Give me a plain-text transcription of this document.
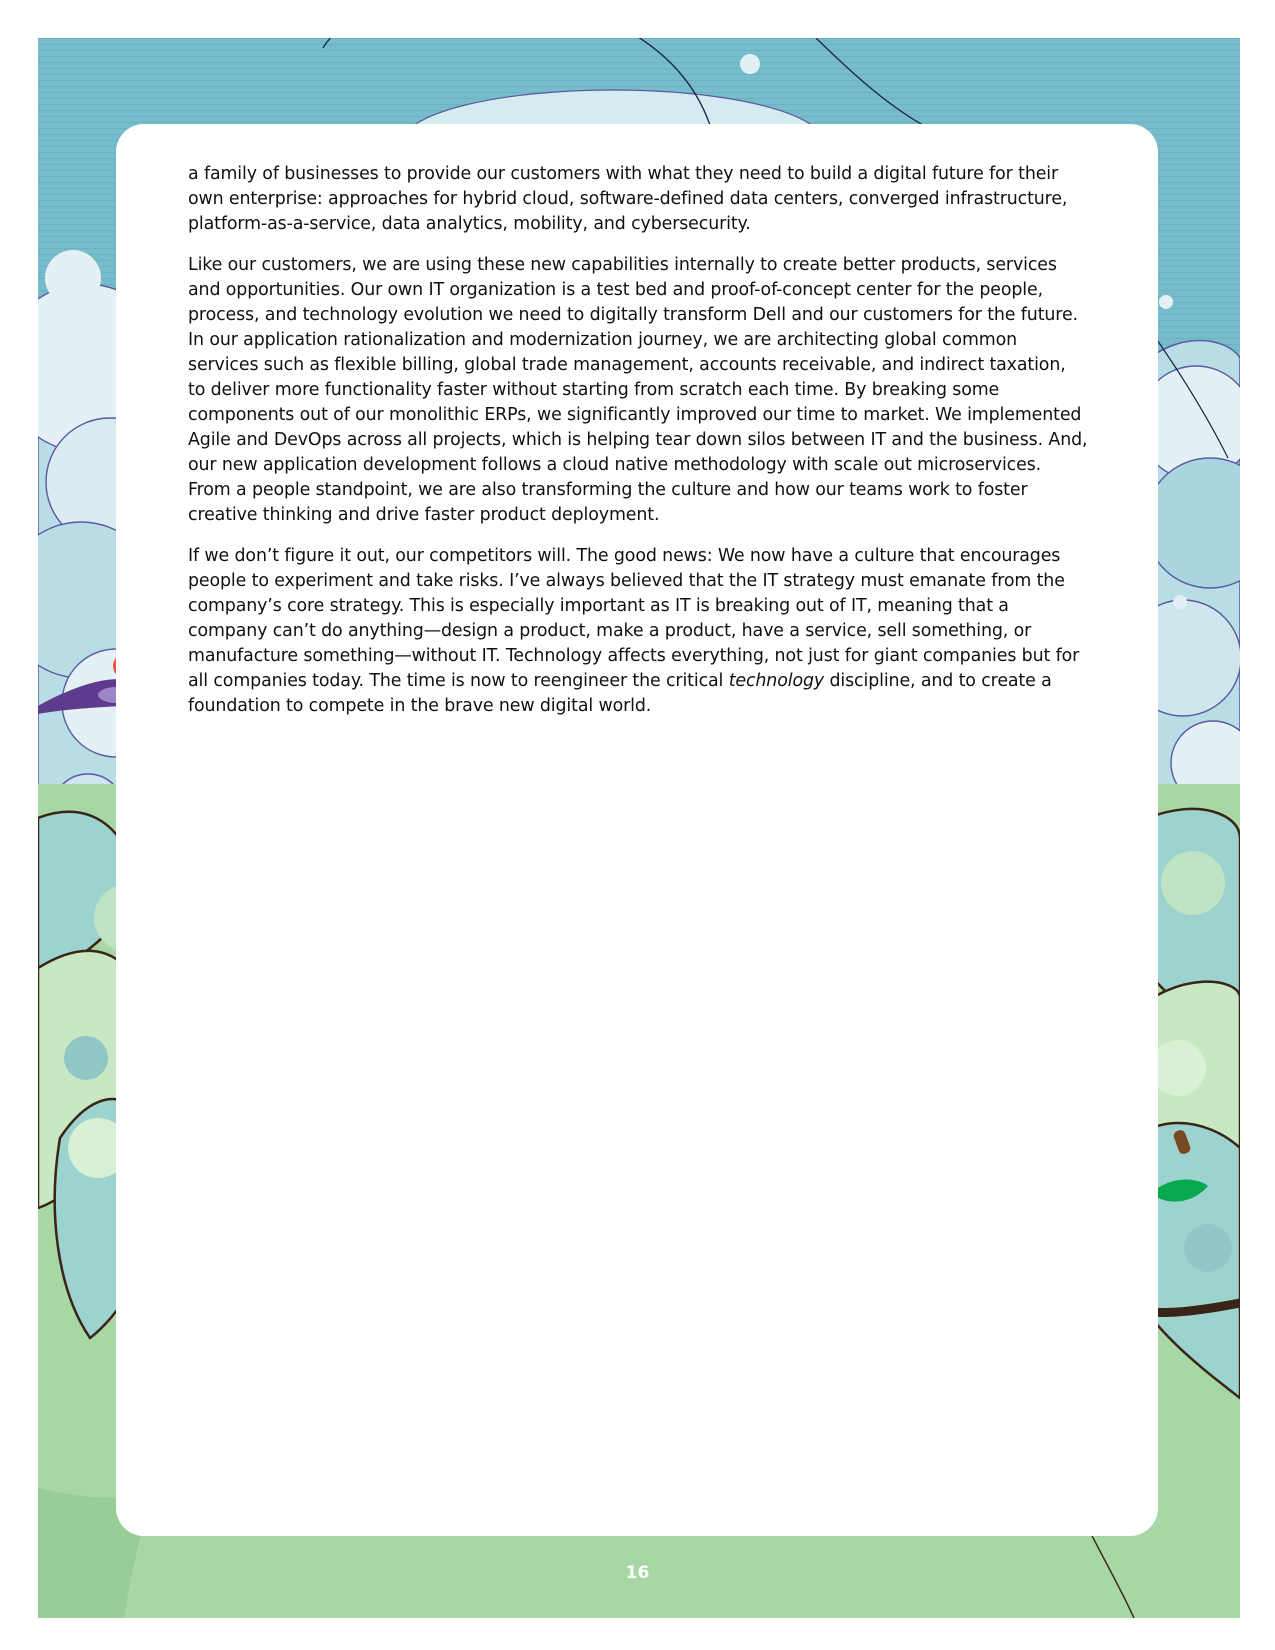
a family of businesses to provide our customers with what they need to build a digital future for their own enterprise: approaches for hybrid cloud, software-defined data centers, converged infrastructure, platform-as-a-service, data analytics, mobility, and cybersecurity.

Like our customers, we are using these new capabilities internally to create better products, services and opportunities. Our own IT organization is a test bed and proof-of-concept center for the people, process, and technology evolution we need to digitally transform Dell and our customers for the future. In our application rationalization and modernization journey, we are architecting global common services such as flexible billing, global trade management, accounts receivable, and indirect taxation, to deliver more functionality faster without starting from scratch each time. By breaking some components out of our monolithic ERPs, we significantly improved our time to market. We implemented Agile and DevOps across all projects, which is helping tear down silos between IT and the business. And, our new application development follows a cloud native methodology with scale out microservices. From a people standpoint, we are also transforming the culture and how our teams work to foster creative thinking and drive faster product deployment.

If we don’t figure it out, our competitors will. The good news: We now have a culture that encourages people to experiment and take risks. I’ve always believed that the IT strategy must emanate from the company’s core strategy. This is especially important as IT is breaking out of IT, meaning that a company can’t do anything—design a product, make a product, have a service, sell something, or manufacture something—without IT. Technology affects everything, not just for giant companies but for all companies today. The time is now to reengineer the critical technology discipline, and to create a foundation to compete in the brave new digital world.

16
